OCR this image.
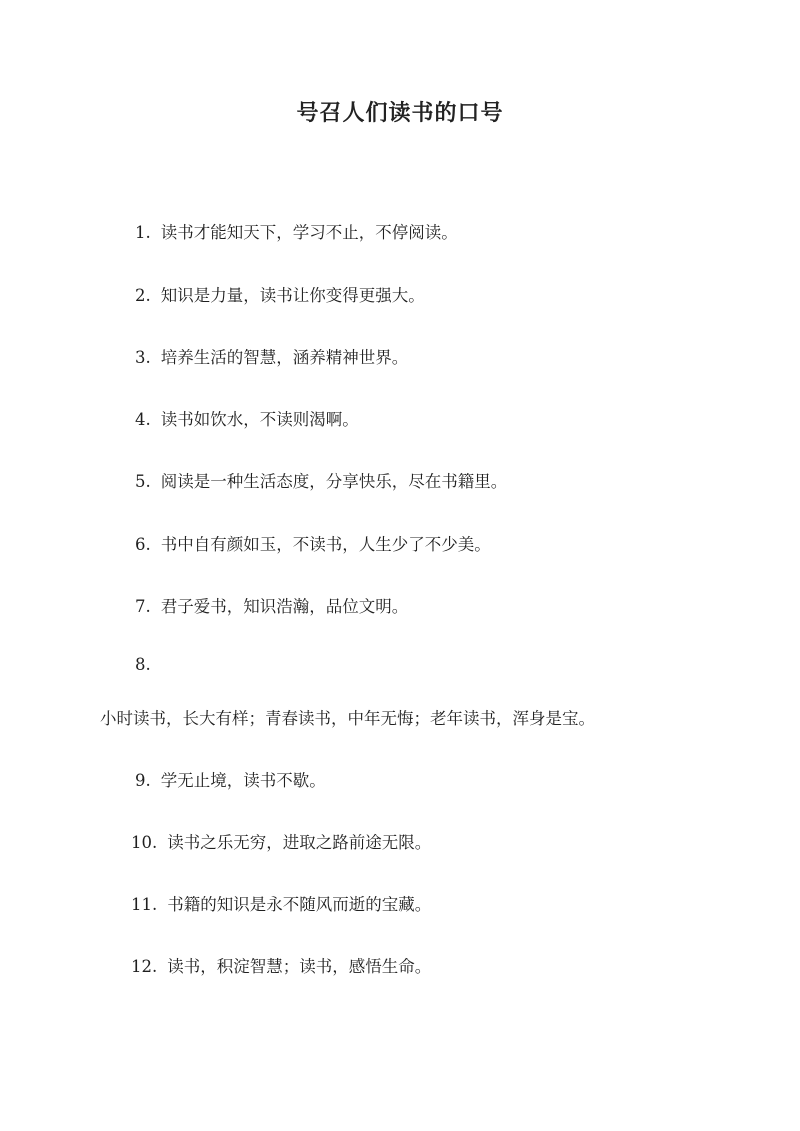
号召人们读书的口号
1. 读书才能知天下，学习不止，不停阅读。
2. 知识是力量，读书让你变得更强大。
3. 培养生活的智慧，涵养精神世界。
4. 读书如饮水，不读则渴啊。
5. 阅读是一种生活态度，分享快乐，尽在书籍里。
6. 书中自有颜如玉，不读书，人生少了不少美。
7. 君子爱书，知识浩瀚，品位文明。
8.
小时读书，长大有样；青春读书，中年无悔；老年读书，浑身是宝。
9. 学无止境，读书不歇。
10. 读书之乐无穷，进取之路前途无限。
11. 书籍的知识是永不随风而逝的宝藏。
12. 读书，积淀智慧；读书，感悟生命。
